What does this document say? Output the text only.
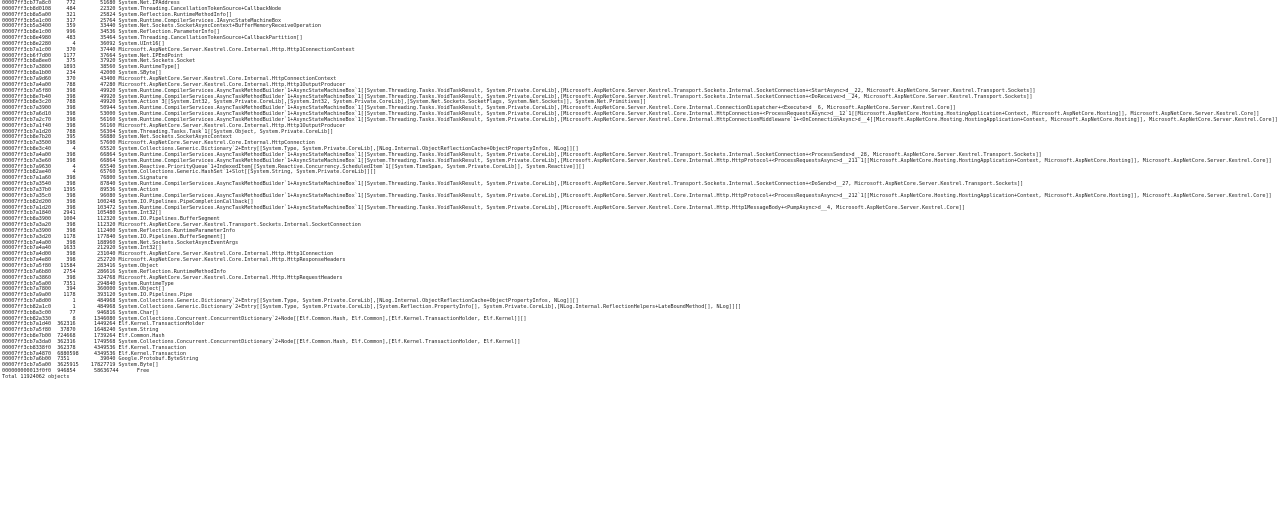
00007ff3cb77a8c0     772        51680 System.Net.IPAddress
00007ff3cb8d0108     484        22320 System.Threading.CancellationTokenSource+CallbackNode
00007ff3cb8a5a00     321        25824 System.Reflection.RuntimeMethodInfo[]
00007ff3cb5a1c00     317        25764 System.Runtime.CompilerServices.IAsyncStateMachineBox
00007ff3cb5a3400     359        33440 System.Net.Sockets.SocketAsyncContext+BufferMemoryReceiveOperation
00007ff3cb8e1c00     996        34536 System.Reflection.ParameterInfo[]
00007ff3cb8e4980     483        35464 System.Threading.CancellationTokenSource+CallbackPartition[]
00007ff3cb8e2280       4        36092 System.UInt16[]
00007ff3cb7a1c00     370        37440 Microsoft.AspNetCore.Server.Kestrel.Core.Internal.Http.Http1ConnectionContext
00007ff3cb6f7d00    1177        37664 System.Net.IPEndPoint
00007ff3cb8a8ee0     375        37920 System.Net.Sockets.Socket
00007ff3cb7a3800    1893        38560 System.RuntimeType[]
00007ff3cb8a1b00     234        42000 System.SByte[]
00007ff3cb7a9d60     370        43400 Microsoft.AspNetCore.Server.Kestrel.Core.Internal.HttpConnectionContext
00007ff3cb7a4a00     788        47280 Microsoft.AspNetCore.Server.Kestrel.Core.Internal.Http.Http1OutputProducer
00007ff3cb7a5f80     398        49920 System.Runtime.CompilerServices.AsyncTaskMethodBuilder`1+AsyncStateMachineBox`1[[System.Threading.Tasks.VoidTaskResult, System.Private.CoreLib],[Microsoft.AspNetCore.Server.Kestrel.Transport.Sockets.Internal.SocketConnection+<StartAsync>d__22, Microsoft.AspNetCore.Server.Kestrel.Transport.Sockets]]
00007ff3cb8e7b40     398        49920 System.Runtime.CompilerServices.AsyncTaskMethodBuilder`1+AsyncStateMachineBox`1[[System.Threading.Tasks.VoidTaskResult, System.Private.CoreLib],[Microsoft.AspNetCore.Server.Kestrel.Transport.Sockets.Internal.SocketConnection+<DoReceive>d__24, Microsoft.AspNetCore.Server.Kestrel.Transport.Sockets]]
00007ff3cb8e3c20     788        49920 System.Action`3[[System.Int32, System.Private.CoreLib],[System.Int32, System.Private.CoreLib],[System.Net.Sockets.SocketFlags, System.Net.Sockets]], System.Net.Primitives]]
00007ff3cb7a3900     398        50944 System.Runtime.CompilerServices.AsyncTaskMethodBuilder`1+AsyncStateMachineBox`1[[System.Threading.Tasks.VoidTaskResult, System.Private.CoreLib],[Microsoft.AspNetCore.Server.Kestrel.Core.Internal.ConnectionDispatcher+<Execute>d__6, Microsoft.AspNetCore.Server.Kestrel.Core]]
00007ff3cb7a6d10     398        53000 System.Runtime.CompilerServices.AsyncTaskMethodBuilder`1+AsyncStateMachineBox`1[[System.Threading.Tasks.VoidTaskResult, System.Private.CoreLib],[Microsoft.AspNetCore.Server.Kestrel.Core.Internal.HttpConnection+<ProcessRequestsAsync>d__12`1[[Microsoft.AspNetCore.Hosting.HostingApplication+Context, Microsoft.AspNetCore.Hosting]], Microsoft.AspNetCore.Server.Kestrel.Core]]
00007ff3cb7a2c70     398        56160 System.Runtime.CompilerServices.AsyncTaskMethodBuilder`1+AsyncStateMachineBox`1[[System.Threading.Tasks.VoidTaskResult, System.Private.CoreLib],[Microsoft.AspNetCore.Server.Kestrel.Core.Internal.HttpConnectionMiddleware`1+<OnConnectionAsync>d__4[[Microsoft.AspNetCore.Hosting.HostingApplication+Context, Microsoft.AspNetCore.Hosting]], Microsoft.AspNetCore.Server.Kestrel.Core]]
00007ff3cb7a1f40     398        56160 Microsoft.AspNetCore.Server.Kestrel.Core.Internal.Http.Http1OutputProducer
00007ff3cb7a1d20     788        56304 System.Threading.Tasks.Task`1[[System.Object, System.Private.CoreLib]]
00007ff3cb8e7b20     395        56880 System.Net.Sockets.SocketAsyncContext
00007ff3cb7a3500     398        57600 Microsoft.AspNetCore.Server.Kestrel.Core.Internal.HttpConnection
00007ff3cb8e3c40       4        65520 System.Collections.Generic.Dictionary`2+Entry[[System.Type, System.Private.CoreLib],[NLog.Internal.ObjectReflectionCache+ObjectPropertyInfos, NLog]][]
00007ff3cb7a4a00     398        66864 System.Runtime.CompilerServices.AsyncTaskMethodBuilder`1+AsyncStateMachineBox`1[[System.Threading.Tasks.VoidTaskResult, System.Private.CoreLib],[Microsoft.AspNetCore.Server.Kestrel.Transport.Sockets.Internal.SocketConnection+<ProcessSends>d__28, Microsoft.AspNetCore.Server.Kestrel.Transport.Sockets]]
00007ff3cb7a3e60     398        66864 System.Runtime.CompilerServices.AsyncTaskMethodBuilder`1+AsyncStateMachineBox`1[[System.Threading.Tasks.VoidTaskResult, System.Private.CoreLib],[Microsoft.AspNetCore.Server.Kestrel.Core.Internal.Http.HttpProtocol+<ProcessRequestsAsync>d__211`1[[Microsoft.AspNetCore.Hosting.HostingApplication+Context, Microsoft.AspNetCore.Hosting]], Microsoft.AspNetCore.Server.Kestrel.Core]]
00007ff3cb7a9630       4        65540 System.Reactive.PriorityQueue`1+IndexedItem[[System.Reactive.Concurrency.ScheduledItem`1[[System.TimeSpan, System.Private.CoreLib]], System.Reactive]][]
00007ff3cb82ae40       4        65760 System.Collections.Generic.HashSet`1+Slot[[System.String, System.Private.CoreLib]][]
00007ff3cb7a1a60     398        76800 System.Signature
00007ff3cb7a3540     398        87840 System.Runtime.CompilerServices.AsyncTaskMethodBuilder`1+AsyncStateMachineBox`1[[System.Threading.Tasks.VoidTaskResult, System.Private.CoreLib],[Microsoft.AspNetCore.Server.Kestrel.Transport.Sockets.Internal.SocketConnection+<DoSend>d__27, Microsoft.AspNetCore.Server.Kestrel.Transport.Sockets]]
00007ff3cb7a37b0    1395        89536 System.Action
00007ff3cb7a35c0     398        96080 System.Runtime.CompilerServices.AsyncTaskMethodBuilder`1+AsyncStateMachineBox`1[[System.Threading.Tasks.VoidTaskResult, System.Private.CoreLib],[Microsoft.AspNetCore.Server.Kestrel.Core.Internal.Http.HttpProtocol+<ProcessRequestsAsync>d__212`1[[Microsoft.AspNetCore.Hosting.HostingApplication+Context, Microsoft.AspNetCore.Hosting]], Microsoft.AspNetCore.Server.Kestrel.Core]]
00007ff3cb82d200     398       100248 System.IO.Pipelines.PipeCompletionCallback[]
00007ff3cb7a1d20     398       103472 System.Runtime.CompilerServices.AsyncTaskMethodBuilder`1+AsyncStateMachineBox`1[[System.Threading.Tasks.VoidTaskResult, System.Private.CoreLib],[Microsoft.AspNetCore.Server.Kestrel.Core.Internal.Http.Http1MessageBody+<PumpAsync>d__4, Microsoft.AspNetCore.Server.Kestrel.Core]]
00007ff3cb7a1840    2941       105480 System.Int32[]
00007ff3cb8a3900    1004       112320 System.IO.Pipelines.BufferSegment
00007ff3cb7a3a20     398       112320 Microsoft.AspNetCore.Server.Kestrel.Transport.Sockets.Internal.SocketConnection
00007ff3cb7a3900     398       112400 System.Reflection.RuntimeParameterInfo
00007ff3cb7a3d20    1178       177840 System.IO.Pipelines.BufferSegment[]
00007ff3cb7a4a00     398       188960 System.Net.Sockets.SocketAsyncEventArgs
00007ff3cb7a4a40    1633       212920 System.Int32[]
00007ff3cb7a4d00     398       231040 Microsoft.AspNetCore.Server.Kestrel.Core.Internal.Http.Http1Connection
00007ff3cb7a4e80     398       252720 Microsoft.AspNetCore.Server.Kestrel.Core.Internal.Http.HttpResponseHeaders
00007ff3cb7a5f80   11584       283416 System.Object
00007ff3cb7a6b80    2754       286616 System.Reflection.RuntimeMethodInfo
00007ff3cb7a3860     398       324768 Microsoft.AspNetCore.Server.Kestrel.Core.Internal.Http.HttpRequestHeaders
00007ff3cb7a5a00    7351       294840 System.RuntimeType
00007ff3cb7a7800     394       360000 System.Object[]
00007ff3cb7a9a00    1178       393120 System.IO.Pipelines.Pipe
00007ff3cb7a8d00       1       484968 System.Collections.Generic.Dictionary`2+Entry[[System.Type, System.Private.CoreLib],[NLog.Internal.ObjectReflectionCache+ObjectPropertyInfos, NLog]][]
00007ff3cb82a1c0       1       484968 System.Collections.Generic.Dictionary`2+Entry[[System.Type, System.Private.CoreLib],[System.Reflection.PropertyInfo[], System.Private.CoreLib],[NLog.Internal.ReflectionHelpers+LateBoundMethod[], NLog]][]
00007ff3cb8a3c00      77       946816 System.Char[]
00007ff3cb82a330       8      1346080 System.Collections.Concurrent.ConcurrentDictionary`2+Node[[Elf.Common.Hash, Elf.Common],[Elf.Kernel.TransactionHolder, Elf.Kernel]][]
00007ff3cb7a1d40  362316      1449264 Elf.Kernel.TransactionHolder
00007ff3cb7a5f80   37870      1648240 System.String
00007ff3cb8e7b00  724668      1739264 Elf.Common.Hash
00007ff3cb7a3da0  362316      1749568 System.Collections.Concurrent.ConcurrentDictionary`2+Node[[Elf.Common.Hash, Elf.Common],[Elf.Kernel.TransactionHolder, Elf.Kernel]]
00007ff3cb8338f0  362378      4349536 Elf.Kernel.Transaction
00007ff3cb7a4870  6880598     4349536 Elf.Kernel.Transaction
00007ff3cb7a6b00  7351          39040 Google.Protobuf.ByteString
00007ff3cb7a5a00  3625915    17827719 System.Byte[]
000000000013f0f0  946854      58636744      Free
Total 11924062 objects
